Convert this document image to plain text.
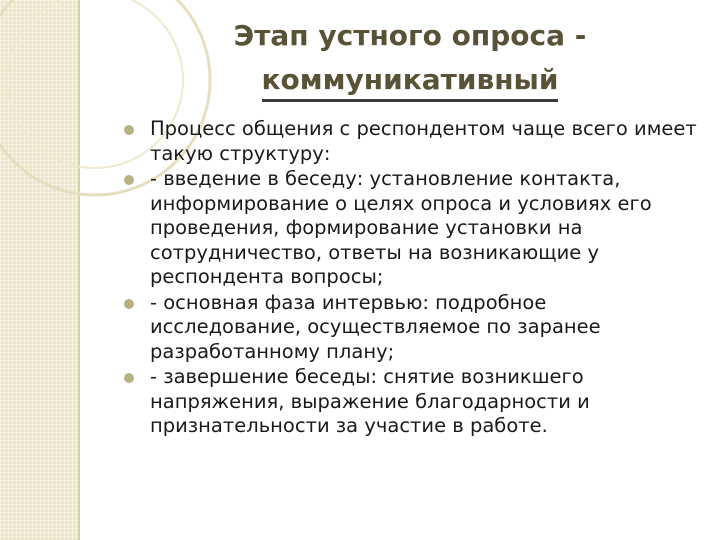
Этап устного опроса -
коммуникативный
Процесс общения с респондентом чаще всего имеет такую структуру:
- введение в беседу: установление контакта, информирование о целях опроса и условиях его проведения, формирование установки на сотрудничество, ответы на возникающие у респондента вопросы;
- основная фаза интервью: подробное исследование, осуществляемое по заранее разработанному плану;
- завершение беседы: снятие возникшего напряжения, выражение благодарности и признательности за участие в работе.
